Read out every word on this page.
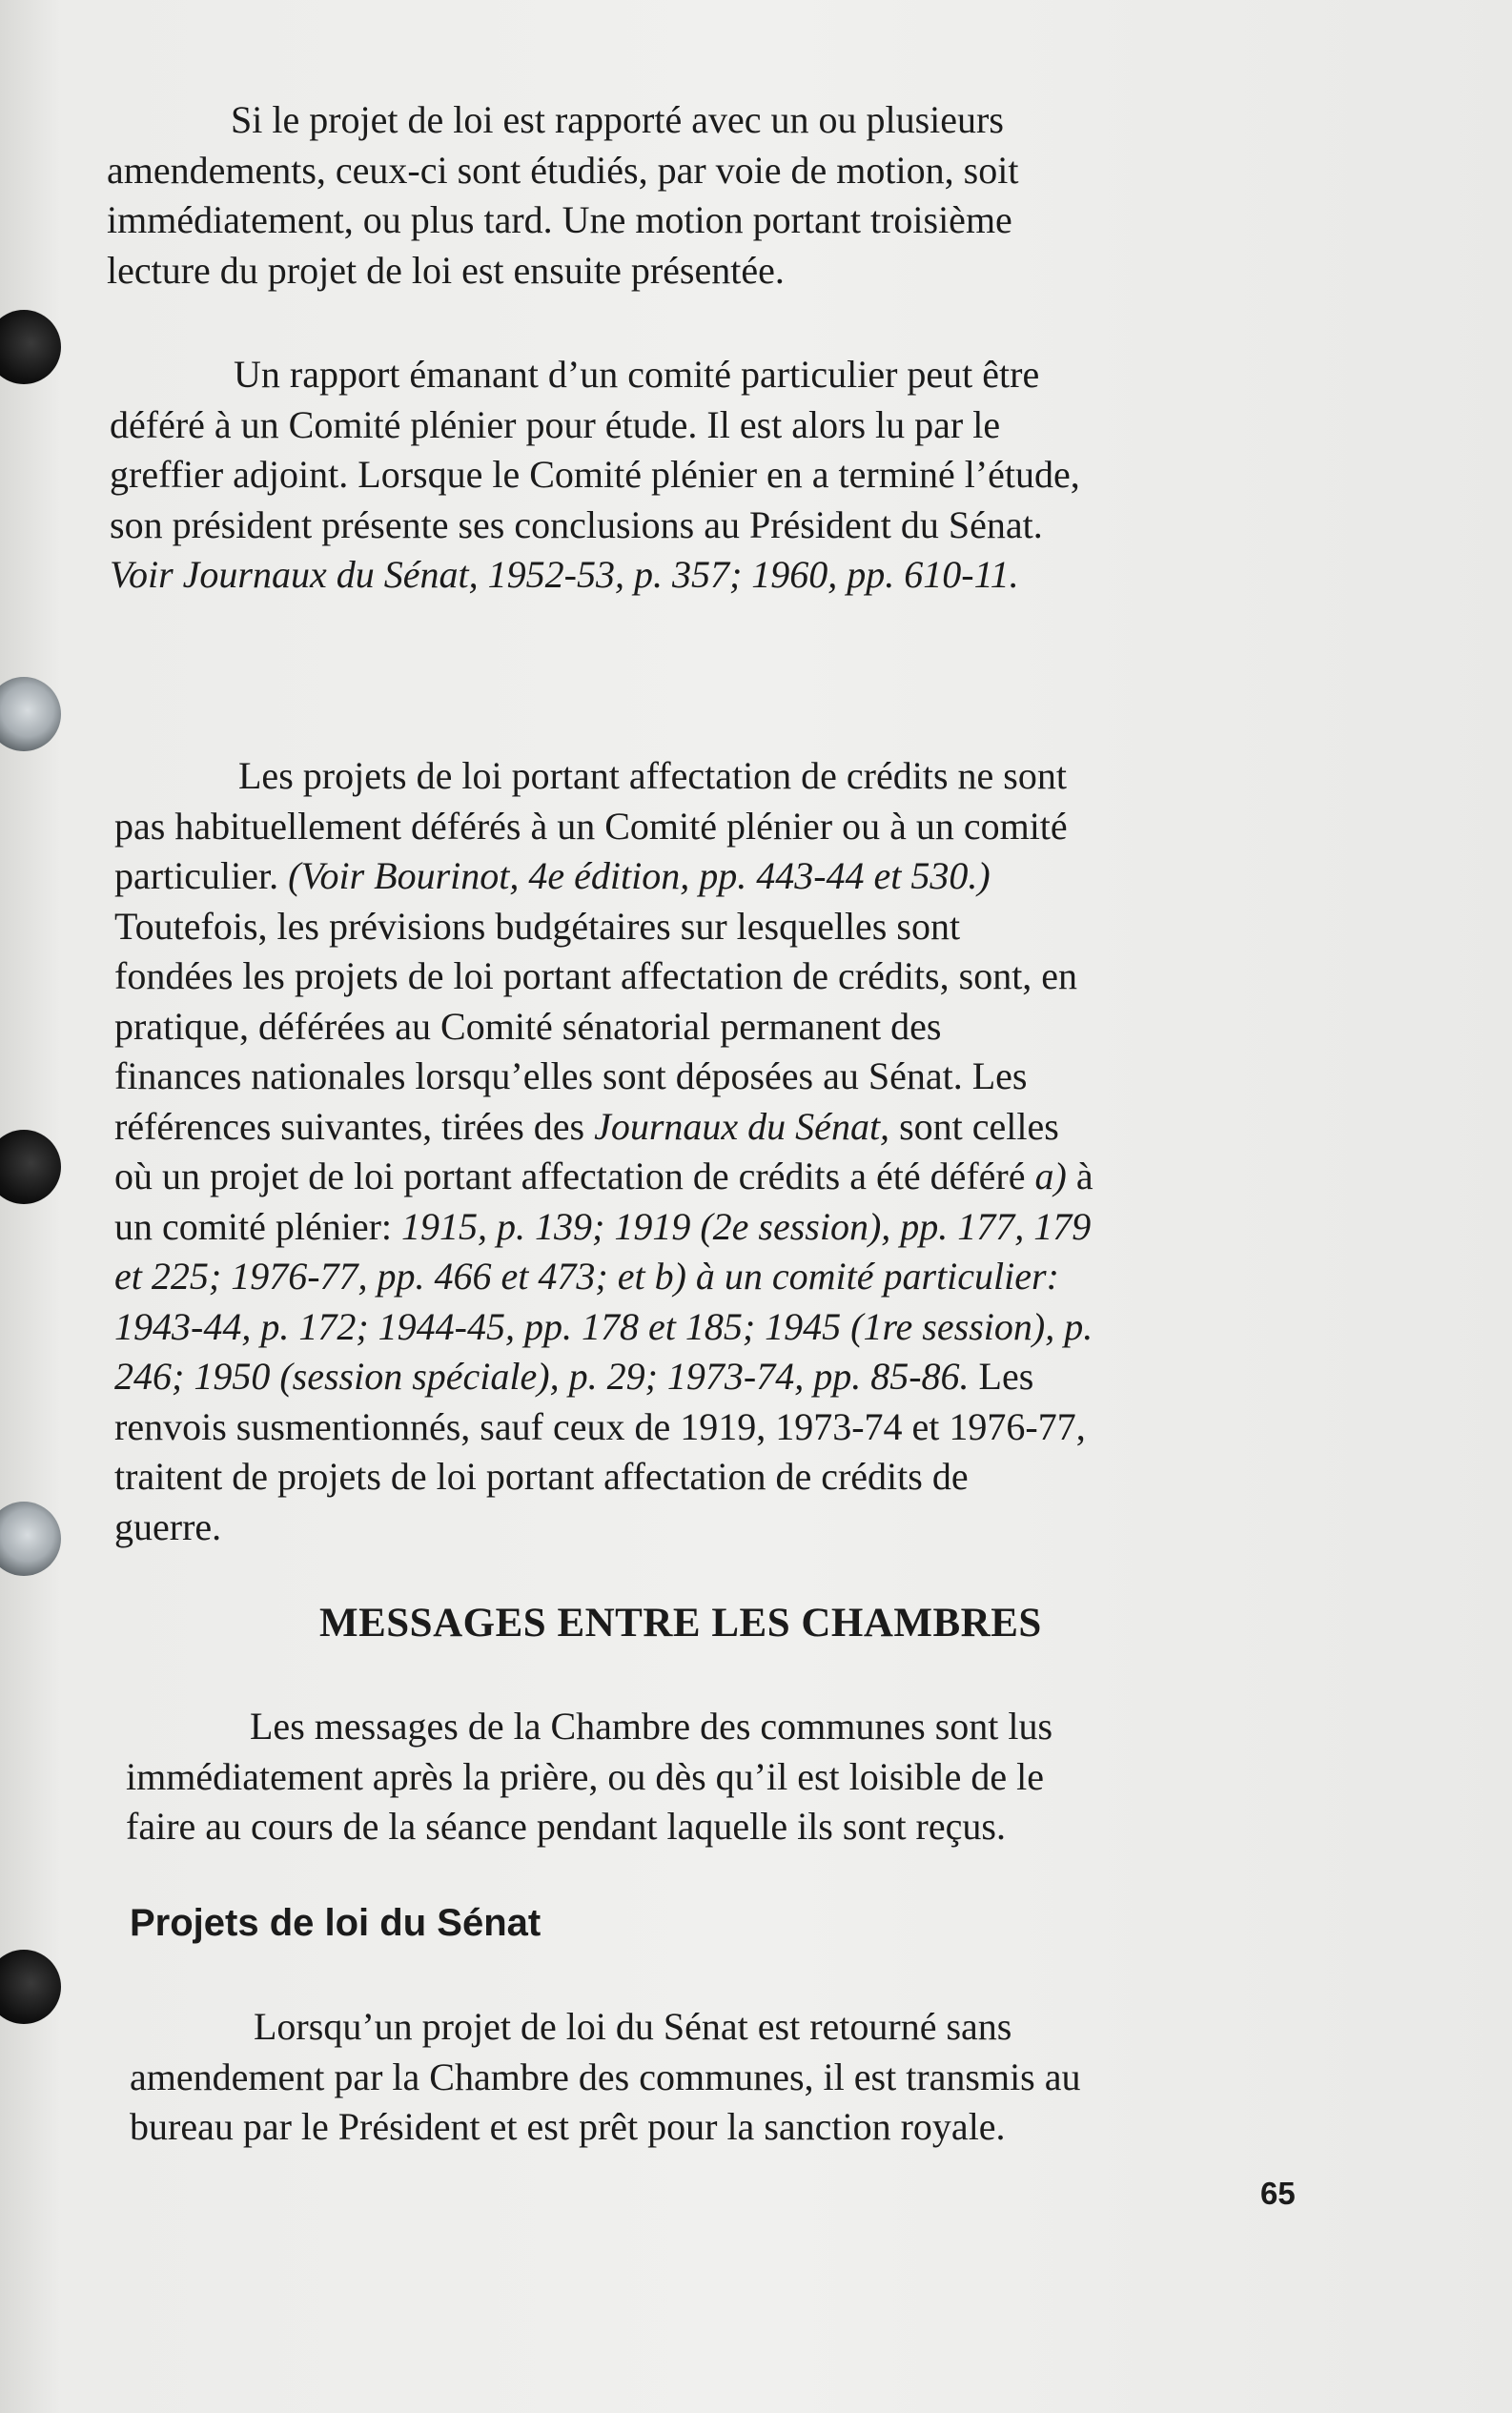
Si le projet de loi est rapporté avec un ou plusieurs
amendements, ceux-ci sont étudiés, par voie de motion, soit
immédiatement, ou plus tard. Une motion portant troisième
lecture du projet de loi est ensuite présentée.

Un rapport émanant d’un comité particulier peut être
déféré à un Comité plénier pour étude. Il est alors lu par le
greffier adjoint. Lorsque le Comité plénier en a terminé l’étude,
son président présente ses conclusions au Président du Sénat.
Voir Journaux du Sénat, 1952-53, p. 357; 1960, pp. 610-11.

Les projets de loi portant affectation de crédits ne sont
pas habituellement déférés à un Comité plénier ou à un comité
particulier. (Voir Bourinot, 4e édition, pp. 443-44 et 530.)
Toutefois, les prévisions budgétaires sur lesquelles sont
fondées les projets de loi portant affectation de crédits, sont, en
pratique, déférées au Comité sénatorial permanent des
finances nationales lorsqu’elles sont déposées au Sénat. Les
références suivantes, tirées des Journaux du Sénat, sont celles
où un projet de loi portant affectation de crédits a été déféré a) à
un comité plénier: 1915, p. 139; 1919 (2e session), pp. 177, 179
et 225; 1976-77, pp. 466 et 473; et b) à un comité particulier:
1943-44, p. 172; 1944-45, pp. 178 et 185; 1945 (1re session), p.
246; 1950 (session spéciale), p. 29; 1973-74, pp. 85-86. Les
renvois susmentionnés, sauf ceux de 1919, 1973-74 et 1976-77,
traitent de projets de loi portant affectation de crédits de
guerre.

MESSAGES ENTRE LES CHAMBRES

Les messages de la Chambre des communes sont lus
immédiatement après la prière, ou dès qu’il est loisible de le
faire au cours de la séance pendant laquelle ils sont reçus.

Projets de loi du Sénat

Lorsqu’un projet de loi du Sénat est retourné sans
amendement par la Chambre des communes, il est transmis au
bureau par le Président et est prêt pour la sanction royale.

65
